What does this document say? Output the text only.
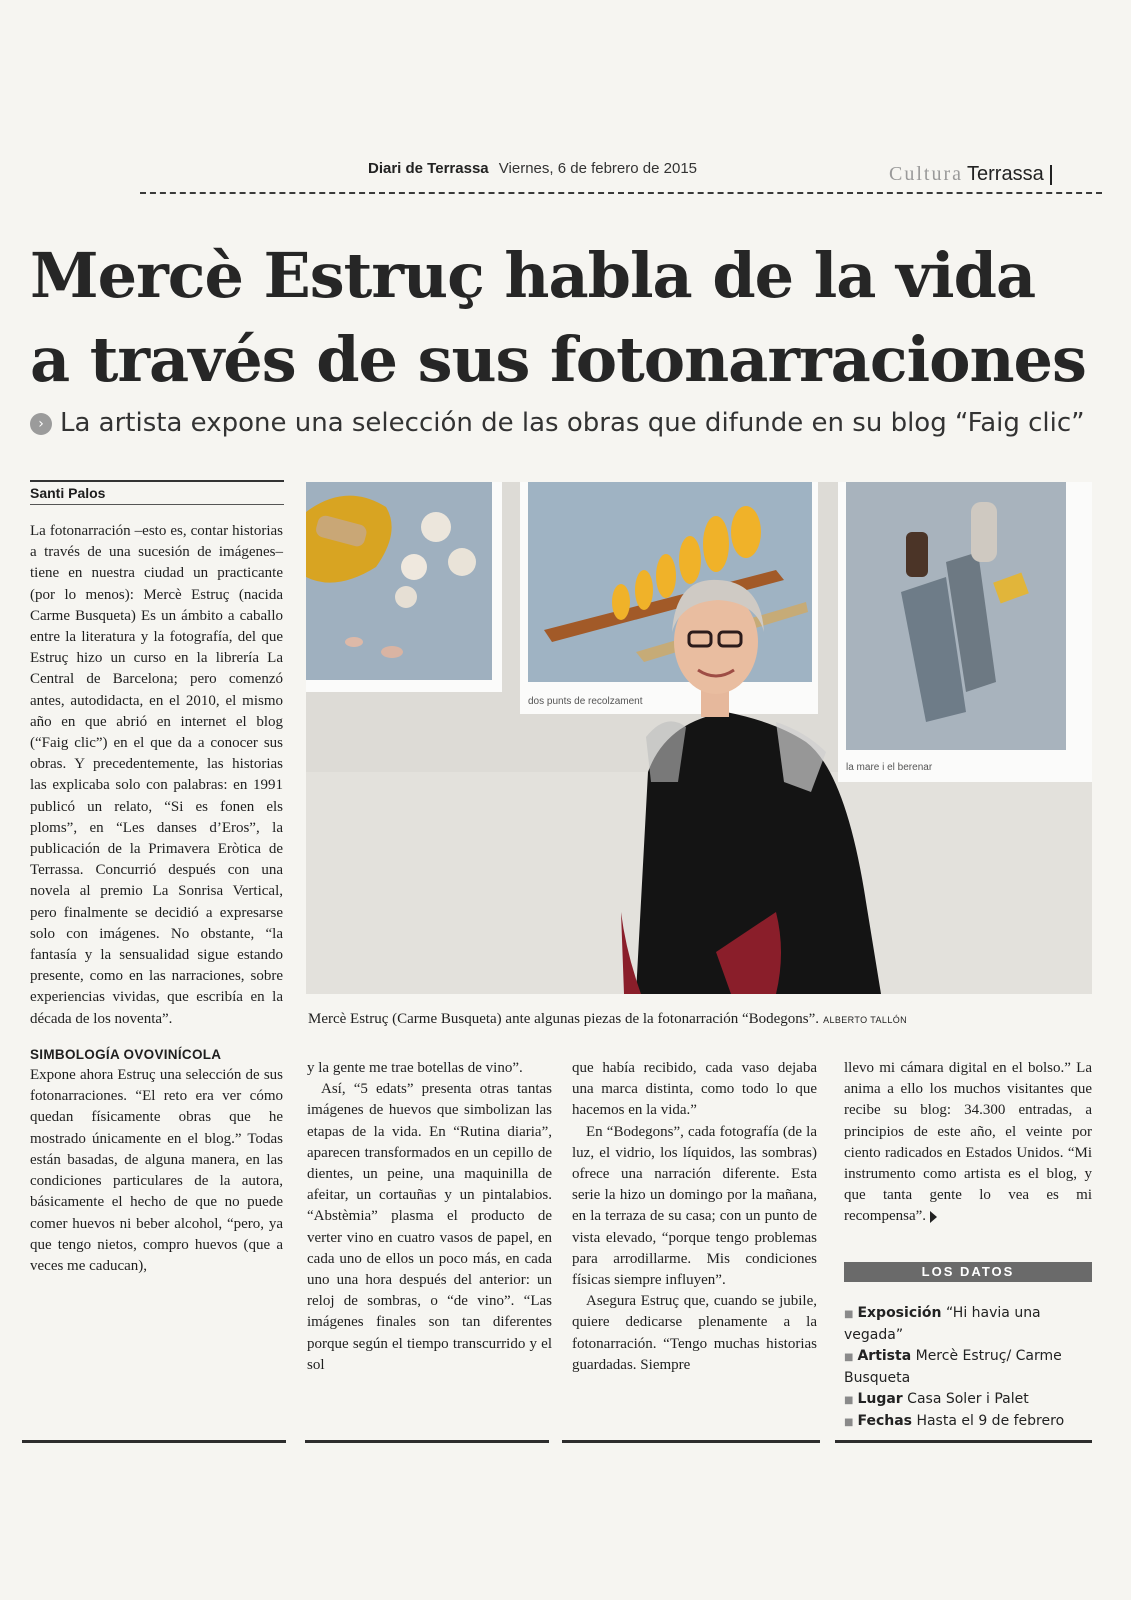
Diari de Terrassa Viernes, 6 de febrero de 2015	Cultura Terrassa
Mercè Estruç habla de la vida
a través de sus fotonarraciones
› La artista expone una selección de las obras que difunde en su blog “Faig clic”
Santi Palos

La fotonarración –esto es, contar historias a través de una sucesión de imágenes– tiene en nuestra ciudad un practicante (por lo menos): Mercè Estruç (nacida Carme Busqueta) Es un ámbito a caballo entre la literatura y la fotografía, del que Estruç hizo un curso en la librería La Central de Barcelona; pero comenzó antes, autodidacta, en el 2010, el mismo año en que abrió en internet el blog (“Faig clic”) en el que da a conocer sus obras. Y precedentemente, las historias las explicaba solo con palabras: en 1991 publicó un relato, “Si es fonen els ploms”, en “Les danses d’Eros”, la publicación de la Primavera Eròtica de Terrassa. Concurrió después con una novela al premio La Sonrisa Vertical, pero finalmente se decidió a expresarse solo con imágenes. No obstante, “la fantasía y la sensualidad sigue estando presente, como en las narraciones, sobre experiencias vividas, que escribía en la década de los noventa”.

SIMBOLOGÍA OVOVINÍCOLA

Expone ahora Estruç una selección de sus fotonarraciones. “El reto era ver cómo quedan físicamente obras que he mostrado únicamente en el blog.” Todas están basadas, de alguna manera, en las condiciones particulares de la autora, básicamente el hecho de que no puede comer huevos ni beber alcohol, “pero, ya que tengo nietos, compro huevos (que a veces me caducan),

dos punts de recolzament
la mare i el berenar
Mercè Estruç (Carme Busqueta) ante algunas piezas de la fotonarración “Bodegons”. ALBERTO TALLÓN

y la gente me trae botellas de vino”.

Así, “5 edats” presenta otras tantas imágenes de huevos que simbolizan las etapas de la vida. En “Rutina diaria”, aparecen transformados en un cepillo de dientes, un peine, una maquinilla de afeitar, un cortauñas y un pintalabios. “Abstèmia” plasma el producto de verter vino en cuatro vasos de papel, en cada uno de ellos un poco más, en cada uno una hora después del anterior: un reloj de sombras, o “de vino”. “Las imágenes finales son tan diferentes porque según el tiempo transcurrido y el sol

que había recibido, cada vaso dejaba una marca distinta, como todo lo que hacemos en la vida.”

En “Bodegons”, cada fotografía (de la luz, el vidrio, los líquidos, las sombras) ofrece una narración diferente. Esta serie la hizo un domingo por la mañana, en la terraza de su casa; con un punto de vista elevado, “porque tengo problemas para arrodillarme. Mis condiciones físicas siempre influyen”.

Asegura Estruç que, cuando se jubile, quiere dedicarse plenamente a la fotonarración. “Tengo muchas historias guardadas. Siempre

llevo mi cámara digital en el bolso.” La anima a ello los muchos visitantes que recibe su blog: 34.300 entradas, a principios de este año, el veinte por ciento radicados en Estados Unidos. “Mi instrumento como artista es el blog, y que tanta gente lo vea es mi recompensa”.

LOS DATOS
■ Exposición “Hi havia una vegada”
■ Artista Mercè Estruç/ Carme Busqueta
■ Lugar Casa Soler i Palet
■ Fechas Hasta el 9 de febrero
